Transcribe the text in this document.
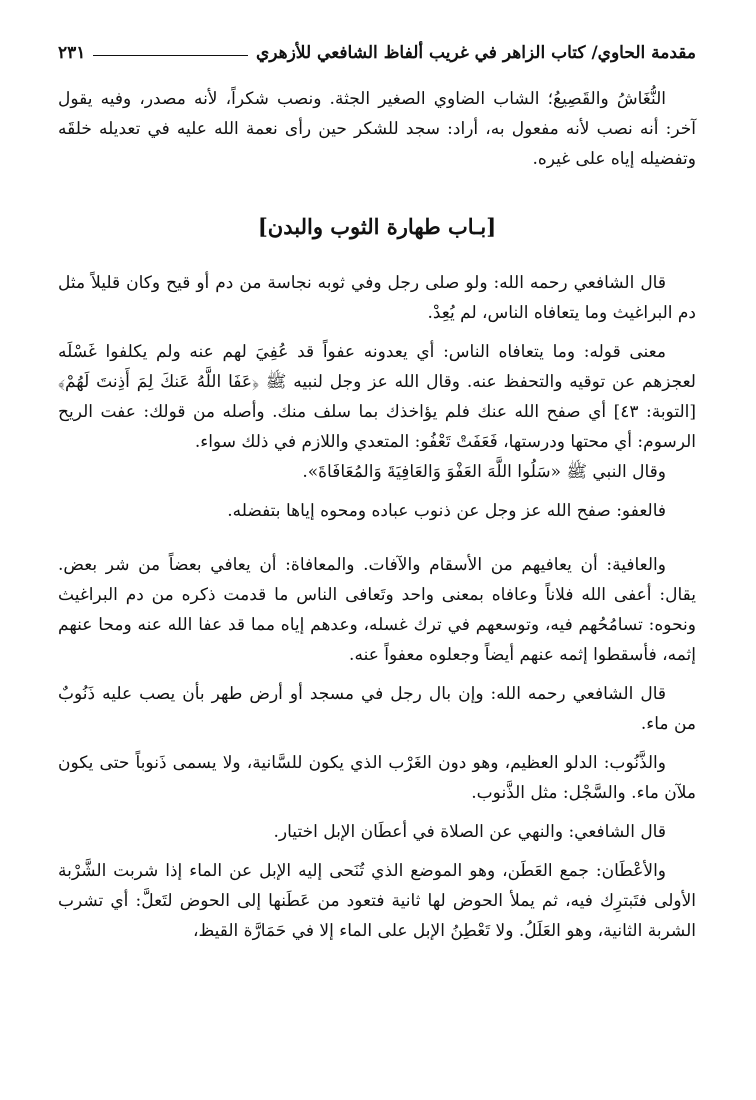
مقدمة الحاوي/ كتاب الزاهر في غريب ألفاظ الشافعي للأزهري
٢٣١

النُّغَاشُ والقَصِيعُ؛ الشاب الضاوي الصغير الجثة. ونصب شكراً، لأنه مصدر، وفيه يقول آخر: أنه نصب لأنه مفعول به، أراد: سجد للشكر حين رأى نعمة الله عليه في تعديله خلقَه وتفضيله إياه على غيره.

[بـاب طهارة الثوب والبدن]

قال الشافعي رحمه الله: ولو صلى رجل وفي ثوبه نجاسة من دم أو قيح وكان قليلاً مثل دم البراغيث وما يتعافاه الناس، لم يُعِدْ.

معنى قوله: وما يتعافاه الناس: أي يعدونه عفواً قد عُفِيَ لهم عنه ولم يكلفوا غَسْلَه لعجزهم عن توقيه والتحفظ عنه. وقال الله عز وجل لنبيه ﷺ ﴿عَفَا اللَّهُ عَنكَ لِمَ أَذِنتَ لَهُمْ﴾ [التوبة: ٤٣] أي صفح الله عنك فلم يؤاخذك بما سلف منك. وأصله من قولك: عفت الريح الرسوم: أي محتها ودرستها، فَعَفَتْ تَعْفُو: المتعدي واللازم في ذلك سواء.

وقال النبي ﷺ «سَلُوا اللَّهَ العَفْوَ وَالعَافِيَةَ وَالمُعَافَاةَ».

فالعفو: صفح الله عز وجل عن ذنوب عباده ومحوه إياها بتفضله.

والعافية: أن يعافيهم من الأسقام والآفات. والمعافاة: أن يعافي بعضاً من شر بعض. يقال: أعفى الله فلاناً وعافاه بمعنى واحد وتَعافى الناس ما قدمت ذكره من دم البراغيث ونحوه: تسامُحُهم فيه، وتوسعهم في ترك غسله، وعدهم إياه مما قد عفا الله عنه ومحا عنهم إثمه، فأسقطوا إثمه عنهم أيضاً وجعلوه معفواً عنه.

قال الشافعي رحمه الله: وإن بال رجل في مسجد أو أرض طهر بأن يصب عليه ذَنُوبٌ من ماء.

والذَّنُوب: الدلو العظيم، وهو دون الغَرْب الذي يكون للسَّانية، ولا يسمى ذَنوباً حتى يكون ملآن ماء. والسَّجْل: مثل الذَّنوب.

قال الشافعي: والنهي عن الصلاة في أعطَان الإبل اختيار.

والأعْطَان: جمع العَطَن، وهو الموضع الذي تُنَحى إليه الإبل عن الماء إذا شربت الشَّرْبة الأولى فتَبترِك فيه، ثم يملأ الحوض لها ثانية فتعود من عَطَنها إلى الحوض لتَعلَّ: أي تشرب الشربة الثانية، وهو العَلَلُ. ولا تَعْطِنُ الإبل على الماء إلا في حَمَارَّة القيظ،
